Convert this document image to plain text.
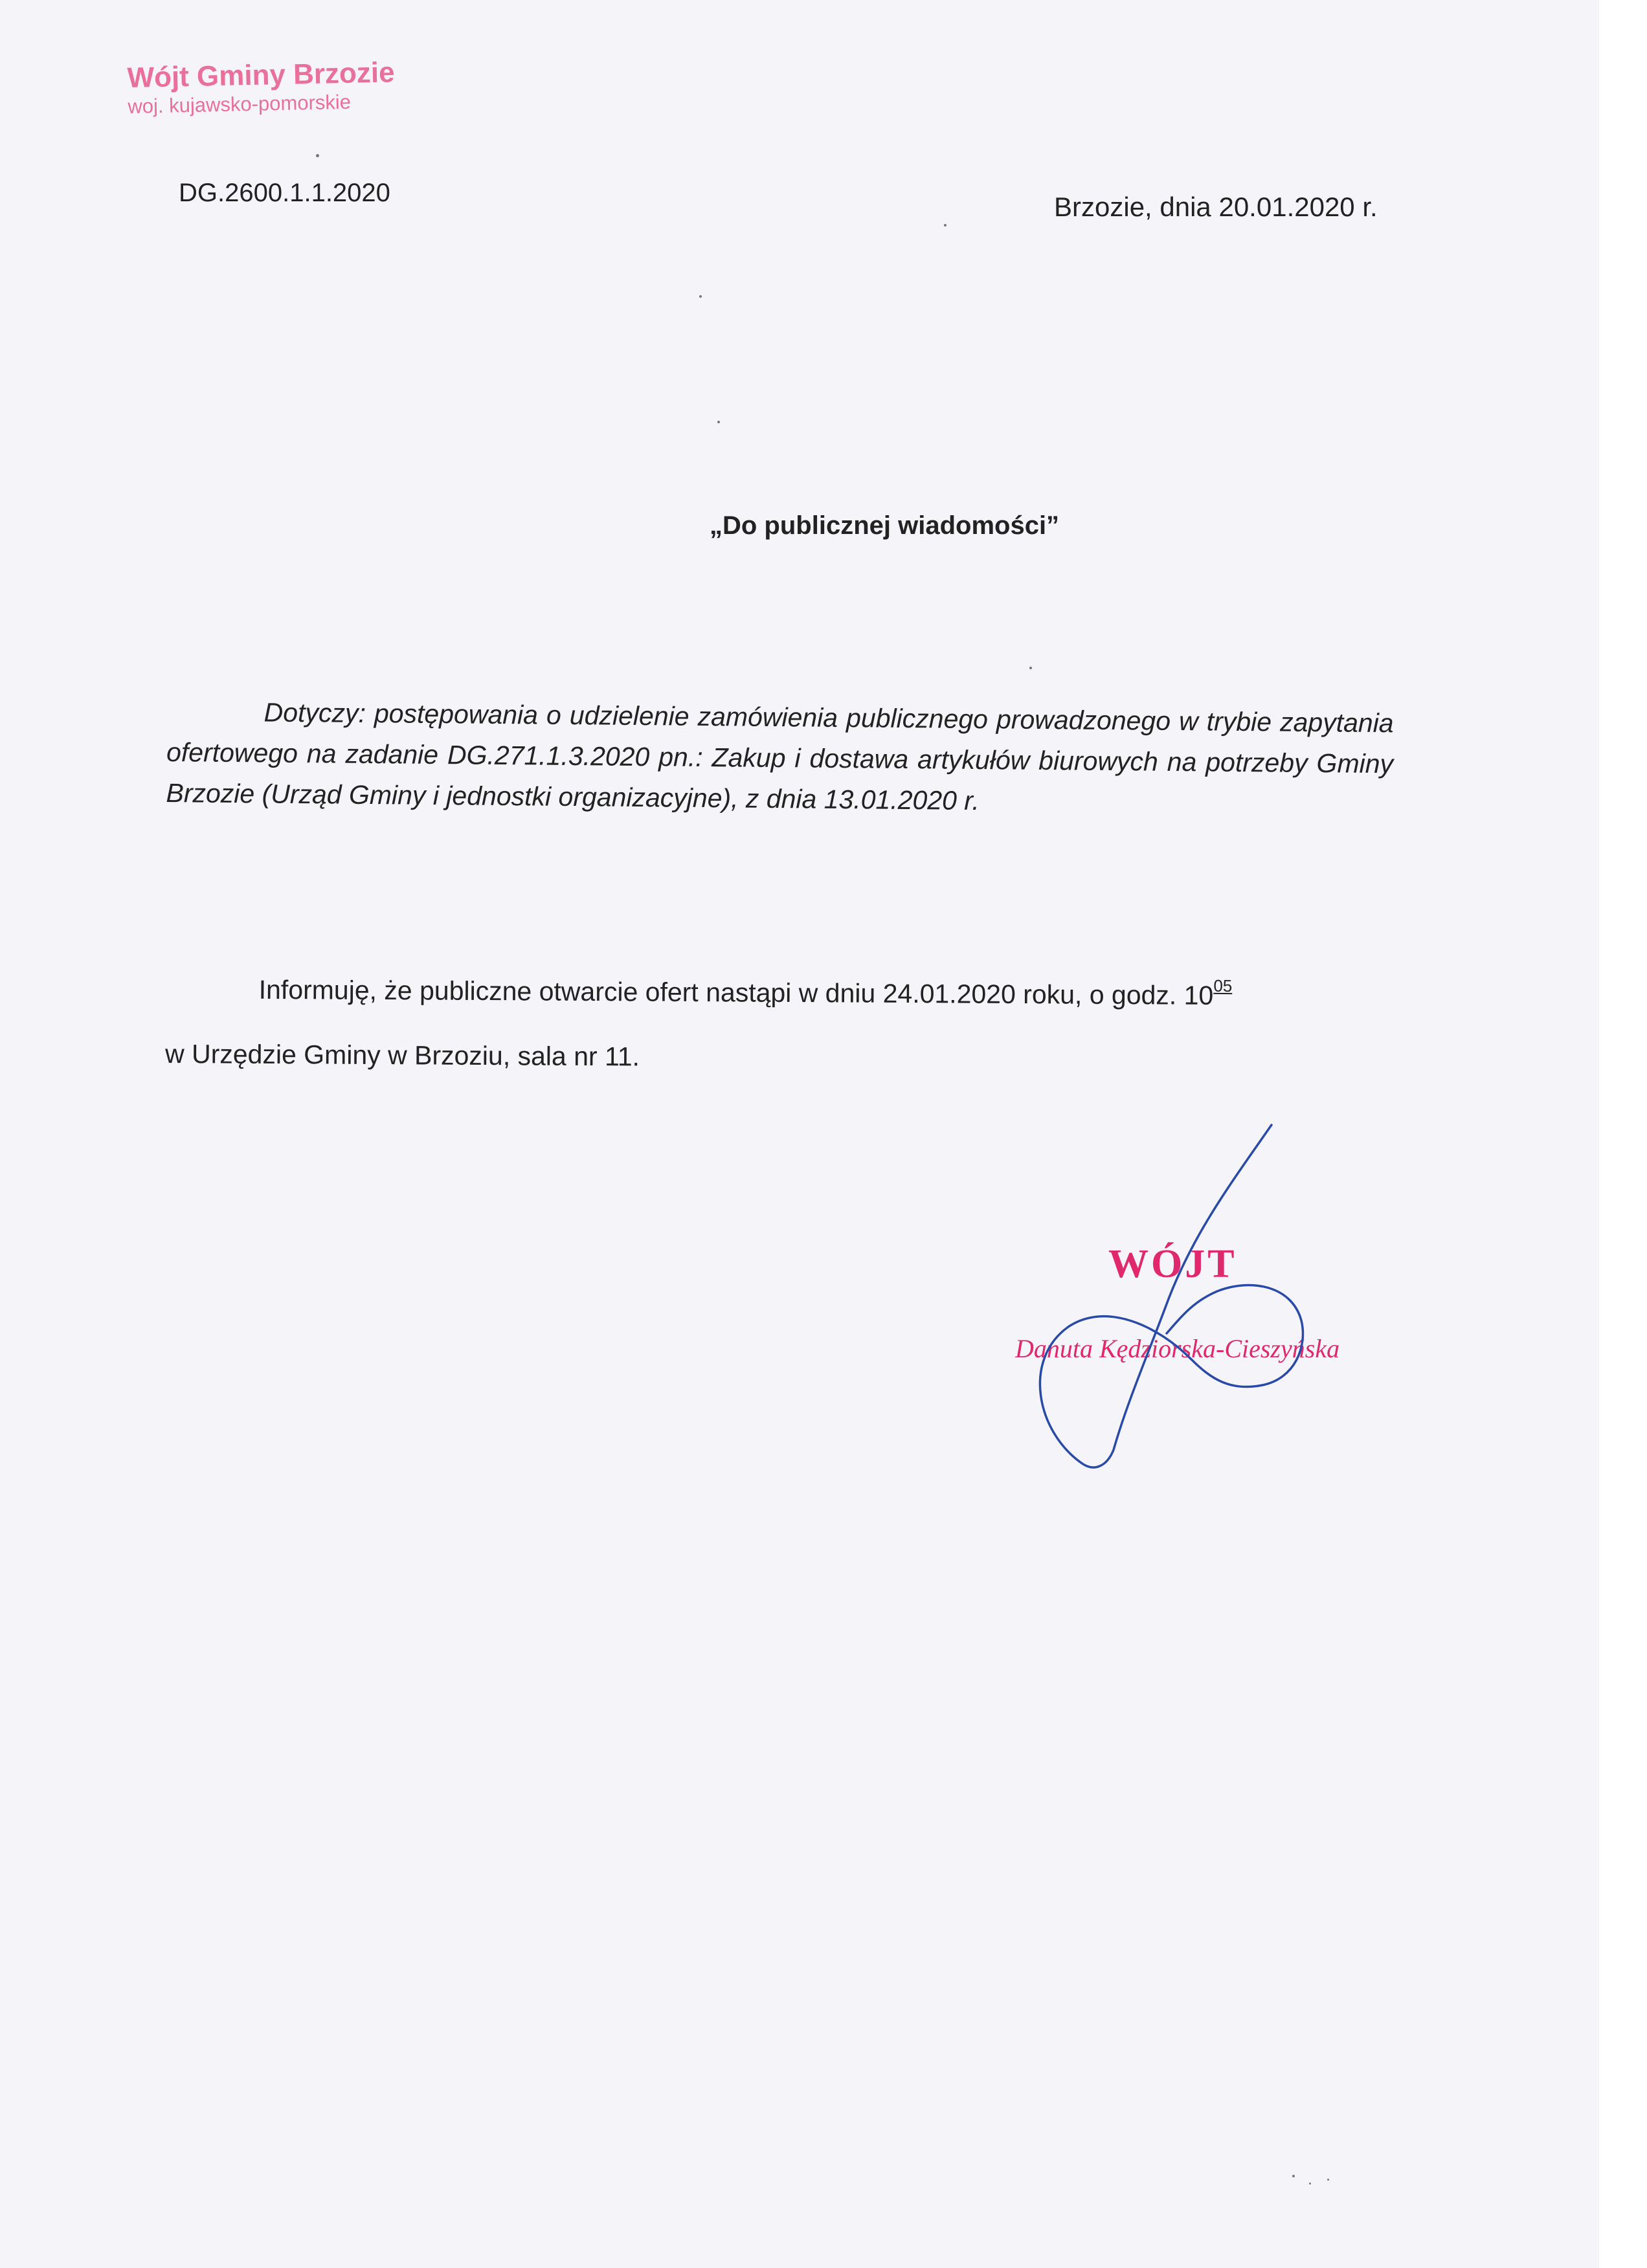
Wójt Gminy Brzozie
woj. kujawsko-pomorskie
DG.2600.1.1.2020	Brzozie, dnia 20.01.2020 r.
„Do publicznej wiadomości”
Dotyczy: postępowania o udzielenie zamówienia publicznego prowadzonego w trybie zapytania ofertowego na zadanie DG.271.1.3.2020 pn.: Zakup i dostawa artykułów biurowych na potrzeby Gminy Brzozie (Urząd Gminy i jednostki organizacyjne), z dnia 13.01.2020 r.
Informuję, że publiczne otwarcie ofert nastąpi w dniu 24.01.2020 roku, o godz. $10^{05}$
w Urzędzie Gminy w Brzoziu, sala nr 11.
WÓJT
Danuta Kędziorska-Cieszyńska
